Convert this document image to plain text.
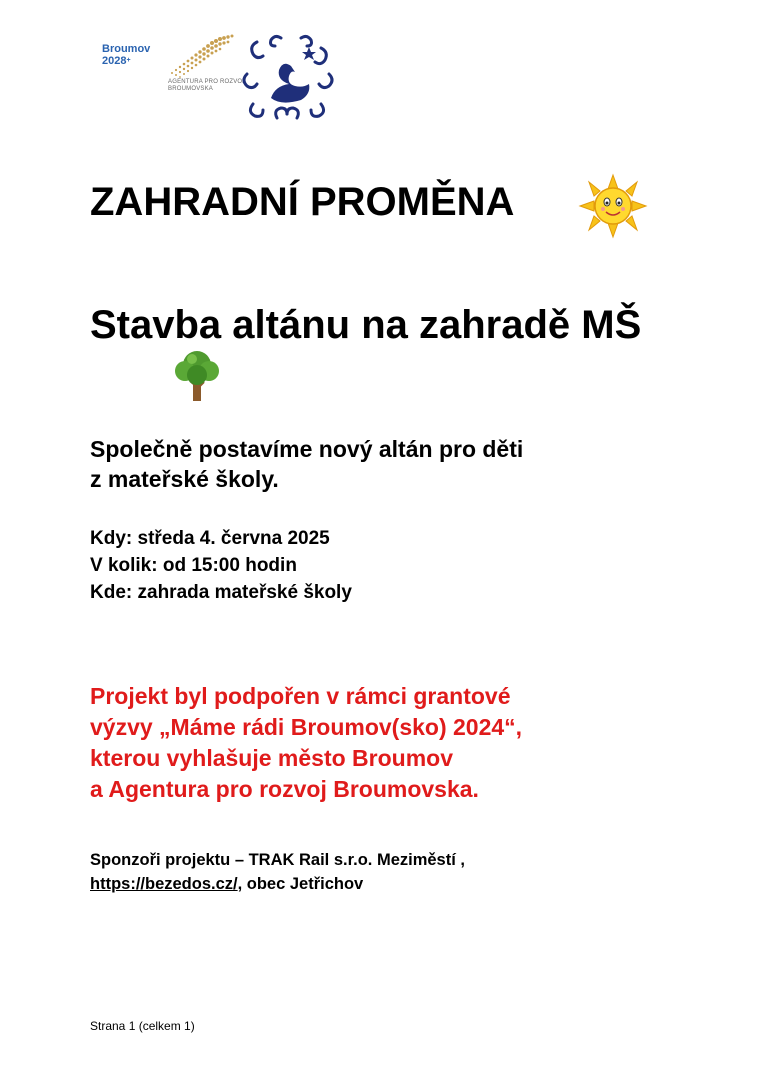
Broumov
2028+
AGENTURA PRO ROZVOJ
BROUMOVSKA
ZAHRADNÍ PROMĚNA
Stavba altánu na zahradě MŠ

Společně postavíme nový altán pro děti
z mateřské školy.

Kdy: středa 4. června 2025
V kolik: od 15:00 hodin
Kde: zahrada mateřské školy

Projekt byl podpořen v rámci grantové
výzvy „Máme rádi Broumov(sko) 2024“,
kterou vyhlašuje město Broumov
a Agentura pro rozvoj Broumovska.

Sponzoři projektu – TRAK Rail s.r.o. Meziměstí ,
https://bezedos.cz/, obec Jetřichov
Strana 1 (celkem 1)
